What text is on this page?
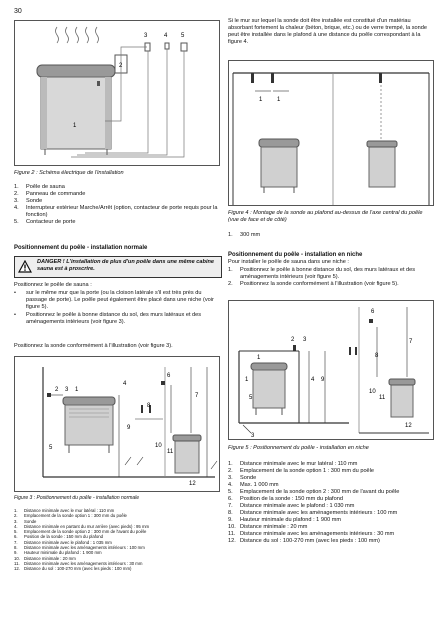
30
2
3	4 5
1
Figure 2 : Schéma électrique de l'installation
1.	Poêle de sauna
2.	Panneau de commande
3.	Sonde
4.	Interrupteur extérieur Marche/Arrêt (option, contacteur de porte requis pour la fonction)
5.	Contacteur de porte
Positionnement du poêle - installation normale
DANGER ! L'installation de plus d'un poêle dans une même cabine sauna est à proscrire.
Positionnez le poêle de sauna :
•	sur le même mur que la porte (ou la cloison latérale s'il est très près du passage de porte). Le poêle peut également être placé dans une niche (voir figure 5).
•	Positionnez le poêle à bonne distance du sol, des murs latéraux et des aménagements intérieurs (voir figure 3).
Positionnez la sonde conformément à l'illustration (voir figure 3).
2 3 1
4
5
6
7
8
9
10
11
12
Figure 3 : Positionnement du poêle - installation normale
1.	Distance minimale avec le mur latéral : 110 mm
2.	Emplacement de la sonde option 1 : 300 mm du poêle
3.	Sonde
4.	Distance minimale en partant du mur arrière (avec pieds) : 95 mm
5.	Emplacement de la sonde option 2 : 300 mm de l'avant du poêle
6.	Position de la sonde : 150 mm du plafond
7.	Distance minimale avec le plafond : 1 035 mm
8.	Distance minimale avec les aménagements intérieurs : 100 mm
9.	Hauteur minimale du plafond : 1 900 mm
10. Distance minimale : 20 mm
11.	Distance minimale avec les aménagements intérieurs : 30 mm
12. Distance du sol : 100-270 mm (avec les pieds : 100 mm)
Si le mur sur lequel la sonde doit être installée est constitué d'un matériau absorbant fortement la chaleur (béton, brique, etc.) ou de verre trempé, la sonde peut être installée dans le plafond à une distance du poêle correspondant à la figure 4.
1 1
Figure 4 : Montage de la sonde au plafond au-dessus de l'axe central du poêle (vue de face et de côté)
1.	300 mm
Positionnement du poêle - installation en niche
Pour installer le poêle de sauna dans une niche :
1.	Positionnez le poêle à bonne distance du sol, des murs latéraux et des aménagements intérieurs (voir figure 5).
2.	Positionnez la sonde conformément à l'illustration (voir figure 5).
6
7
8
2 3
1
1	4 9
5
10
11
12
3
Figure 5 : Positionnement du poêle - installation en niche
1.	Distance minimale avec le mur latéral : 110 mm
2.	Emplacement de la sonde option 1 : 300 mm du poêle
3.	Sonde
4.	Max. 1 000 mm
5.	Emplacement de la sonde option 2 : 300 mm de l'avant du poêle
6.	Position de la sonde : 150 mm du plafond
7.	Distance minimale avec le plafond : 1 030 mm
8.	Distance minimale avec les aménagements intérieurs : 100 mm
9.	Hauteur minimale du plafond : 1 900 mm
10. Distance minimale : 20 mm
11. Distance minimale avec les aménagements intérieurs : 30 mm
12. Distance du sol : 100-270 mm (avec les pieds : 100 mm)
